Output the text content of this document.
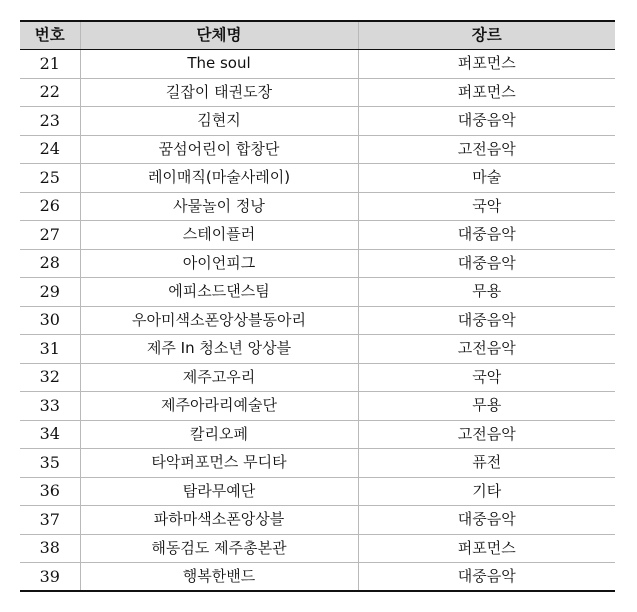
번호	단체명	장르
21	The soul	퍼포먼스
22	길잡이 태권도장	퍼포먼스
23	김현지	대중음악
24	꿈섬어린이 합창단	고전음악
25	레이매직(마술사레이)	마술
26	사물놀이 정낭	국악
27	스테이플러	대중음악
28	아이언피그	대중음악
29	에피소드댄스팀	무용
30	우아미색소폰앙상블동아리	대중음악
31	제주 In 청소년 앙상블	고전음악
32	제주고우리	국악
33	제주아라리예술단	무용
34	칼리오페	고전음악
35	타악퍼포먼스 무디타	퓨전
36	탐라무예단	기타
37	파하마색소폰앙상블	대중음악
38	해동검도 제주총본관	퍼포먼스
39	행복한밴드	대중음악
